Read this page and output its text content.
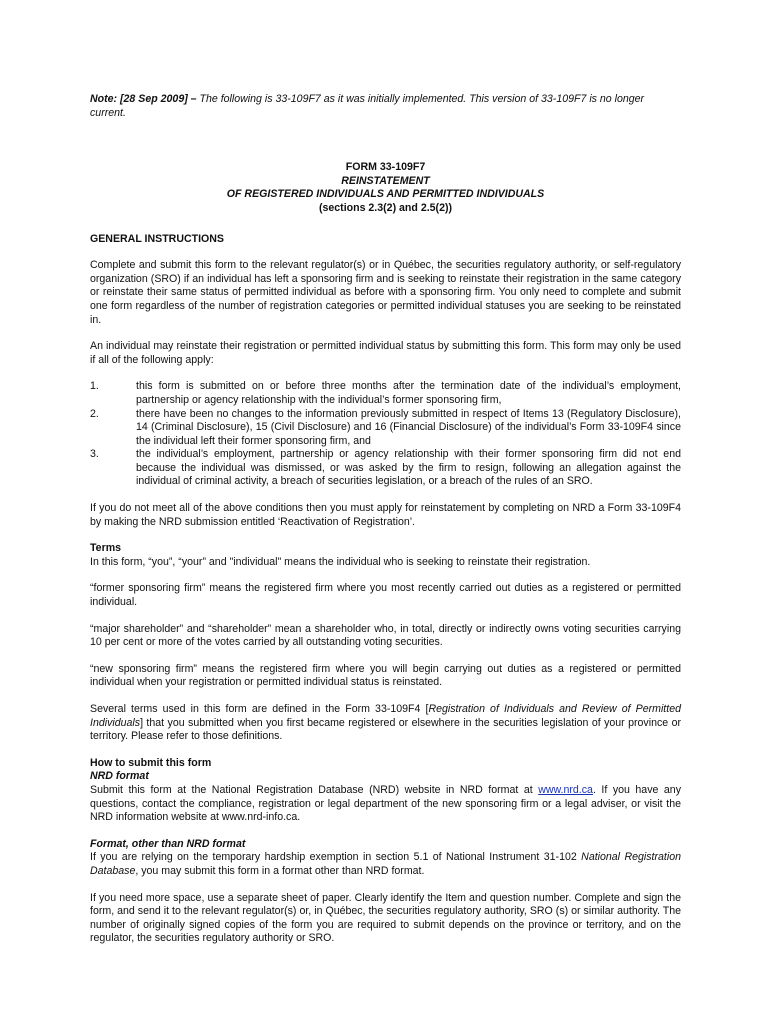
Note: [28 Sep 2009] – The following is 33-109F7 as it was initially implemented. This version of 33-109F7 is no longer current.

FORM 33-109F7

REINSTATEMENT

OF REGISTERED INDIVIDUALS AND PERMITTED INDIVIDUALS

(sections 2.3(2) and 2.5(2))

GENERAL INSTRUCTIONS

Complete and submit this form to the relevant regulator(s) or in Québec, the securities regulatory authority, or self-regulatory organization (SRO) if an individual has left a sponsoring firm and is seeking to reinstate their registration in the same category or reinstate their same status of permitted individual as before with a sponsoring firm. You only need to complete and submit one form regardless of the number of registration categories or permitted individual statuses you are seeking to be reinstated in.

An individual may reinstate their registration or permitted individual status by submitting this form. This form may only be used if all of the following apply:

1.	this form is submitted on or before three months after the termination date of the individual’s employment, partnership or agency relationship with the individual’s former sponsoring firm,
2.	there have been no changes to the information previously submitted in respect of Items 13 (Regulatory Disclosure), 14 (Criminal Disclosure), 15 (Civil Disclosure) and 16 (Financial Disclosure) of the individual’s Form 33-109F4 since the individual left their former sponsoring firm, and
3.	the individual’s employment, partnership or agency relationship with their former sponsoring firm did not end because the individual was dismissed, or was asked by the firm to resign, following an allegation against the individual of criminal activity, a breach of securities legislation, or a breach of the rules of an SRO.

If you do not meet all of the above conditions then you must apply for reinstatement by completing on NRD a Form 33-109F4 by making the NRD submission entitled ‘Reactivation of Registration’.

Terms

In this form, “you”, “your” and "individual" means the individual who is seeking to reinstate their registration.

“former sponsoring firm” means the registered firm where you most recently carried out duties as a registered or permitted individual.

“major shareholder” and “shareholder” mean a shareholder who, in total, directly or indirectly owns voting securities carrying 10 per cent or more of the votes carried by all outstanding voting securities.

“new sponsoring firm” means the registered firm where you will begin carrying out duties as a registered or permitted individual when your registration or permitted individual status is reinstated.

Several terms used in this form are defined in the Form 33-109F4 [Registration of Individuals and Review of Permitted Individuals] that you submitted when you first became registered or elsewhere in the securities legislation of your province or territory. Please refer to those definitions.

How to submit this form

NRD format

Submit this form at the National Registration Database (NRD) website in NRD format at www.nrd.ca. If you have any questions, contact the compliance, registration or legal department of the new sponsoring firm or a legal adviser, or visit the NRD information website at www.nrd-info.ca.

Format, other than NRD format

If you are relying on the temporary hardship exemption in section 5.1 of National Instrument 31-102 National Registration Database, you may submit this form in a format other than NRD format.

If you need more space, use a separate sheet of paper. Clearly identify the Item and question number. Complete and sign the form, and send it to the relevant regulator(s) or, in Québec, the securities regulatory authority, SRO (s) or similar authority. The number of originally signed copies of the form you are required to submit depends on the province or territory, and on the regulator, the securities regulatory authority or SRO.
